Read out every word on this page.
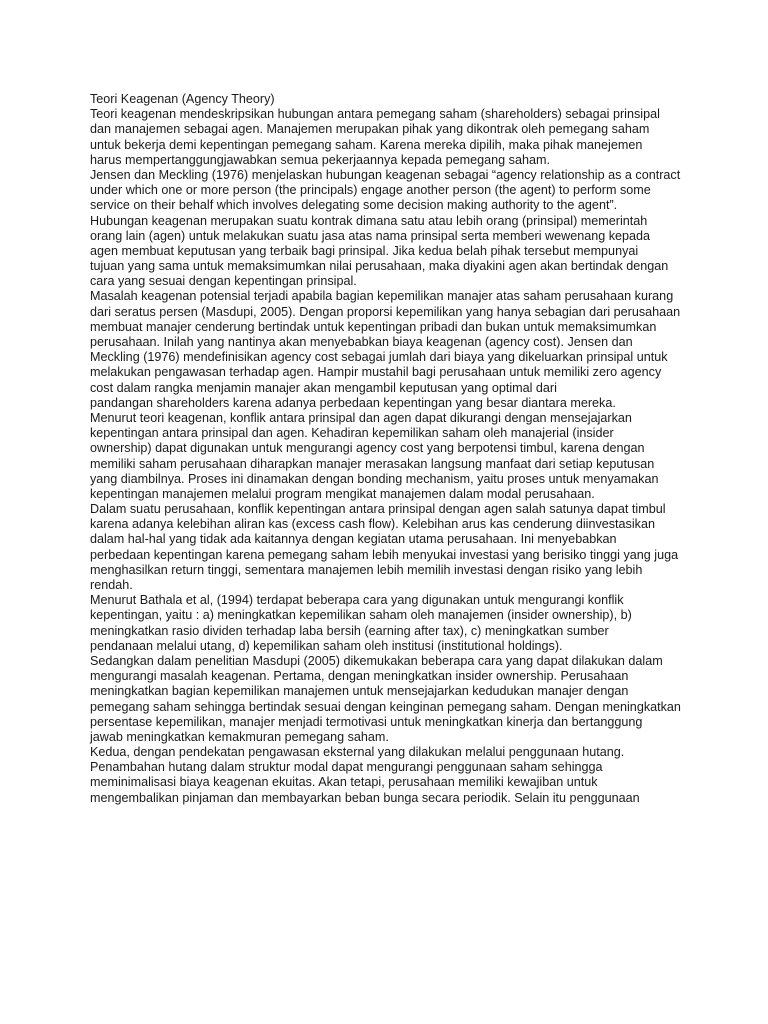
Teori Keagenan (Agency Theory)
Teori keagenan mendeskripsikan hubungan antara pemegang saham (shareholders) sebagai prinsipal
dan manajemen sebagai agen. Manajemen merupakan pihak yang dikontrak oleh pemegang saham
untuk bekerja demi kepentingan pemegang saham. Karena mereka dipilih, maka pihak manejemen
harus mempertanggungjawabkan semua pekerjaannya kepada pemegang saham.
Jensen dan Meckling (1976) menjelaskan hubungan keagenan sebagai “agency relationship as a contract
under which one or more person (the principals) engage another person (the agent) to perform some
service on their behalf which involves delegating some decision making authority to the agent”.
Hubungan keagenan merupakan suatu kontrak dimana satu atau lebih orang (prinsipal) memerintah
orang lain (agen) untuk melakukan suatu jasa atas nama prinsipal serta memberi wewenang kepada
agen membuat keputusan yang terbaik bagi prinsipal. Jika kedua belah pihak tersebut mempunyai
tujuan yang sama untuk memaksimumkan nilai perusahaan, maka diyakini agen akan bertindak dengan
cara yang sesuai dengan kepentingan prinsipal.
Masalah keagenan potensial terjadi apabila bagian kepemilikan manajer atas saham perusahaan kurang
dari seratus persen (Masdupi, 2005). Dengan proporsi kepemilikan yang hanya sebagian dari perusahaan
membuat manajer cenderung bertindak untuk kepentingan pribadi dan bukan untuk memaksimumkan
perusahaan. Inilah yang nantinya akan menyebabkan biaya keagenan (agency cost). Jensen dan
Meckling (1976) mendefinisikan agency cost sebagai jumlah dari biaya yang dikeluarkan prinsipal untuk
melakukan pengawasan terhadap agen. Hampir mustahil bagi perusahaan untuk memiliki zero agency
cost dalam rangka menjamin manajer akan mengambil keputusan yang optimal dari
pandangan shareholders karena adanya perbedaan kepentingan yang besar diantara mereka.
Menurut teori keagenan, konflik antara prinsipal dan agen dapat dikurangi dengan mensejajarkan
kepentingan antara prinsipal dan agen. Kehadiran kepemilikan saham oleh manajerial (insider
ownership) dapat digunakan untuk mengurangi agency cost yang berpotensi timbul, karena dengan
memiliki saham perusahaan diharapkan manajer merasakan langsung manfaat dari setiap keputusan
yang diambilnya. Proses ini dinamakan dengan bonding mechanism, yaitu proses untuk menyamakan
kepentingan manajemen melalui program mengikat manajemen dalam modal perusahaan.
Dalam suatu perusahaan, konflik kepentingan antara prinsipal dengan agen salah satunya dapat timbul
karena adanya kelebihan aliran kas (excess cash flow). Kelebihan arus kas cenderung diinvestasikan
dalam hal-hal yang tidak ada kaitannya dengan kegiatan utama perusahaan. Ini menyebabkan
perbedaan kepentingan karena pemegang saham lebih menyukai investasi yang berisiko tinggi yang juga
menghasilkan return tinggi, sementara manajemen lebih memilih investasi dengan risiko yang lebih
rendah.
Menurut Bathala et al, (1994) terdapat beberapa cara yang digunakan untuk mengurangi konflik
kepentingan, yaitu : a) meningkatkan kepemilikan saham oleh manajemen (insider ownership), b)
meningkatkan rasio dividen terhadap laba bersih (earning after tax), c) meningkatkan sumber
pendanaan melalui utang, d) kepemilikan saham oleh institusi (institutional holdings).
Sedangkan dalam penelitian Masdupi (2005) dikemukakan beberapa cara yang dapat dilakukan dalam
mengurangi masalah keagenan. Pertama, dengan meningkatkan insider ownership. Perusahaan
meningkatkan bagian kepemilikan manajemen untuk mensejajarkan kedudukan manajer dengan
pemegang saham sehingga bertindak sesuai dengan keinginan pemegang saham. Dengan meningkatkan
persentase kepemilikan, manajer menjadi termotivasi untuk meningkatkan kinerja dan bertanggung
jawab meningkatkan kemakmuran pemegang saham.
Kedua, dengan pendekatan pengawasan eksternal yang dilakukan melalui penggunaan hutang.
Penambahan hutang dalam struktur modal dapat mengurangi penggunaan saham sehingga
meminimalisasi biaya keagenan ekuitas. Akan tetapi, perusahaan memiliki kewajiban untuk
mengembalikan pinjaman dan membayarkan beban bunga secara periodik. Selain itu penggunaan
